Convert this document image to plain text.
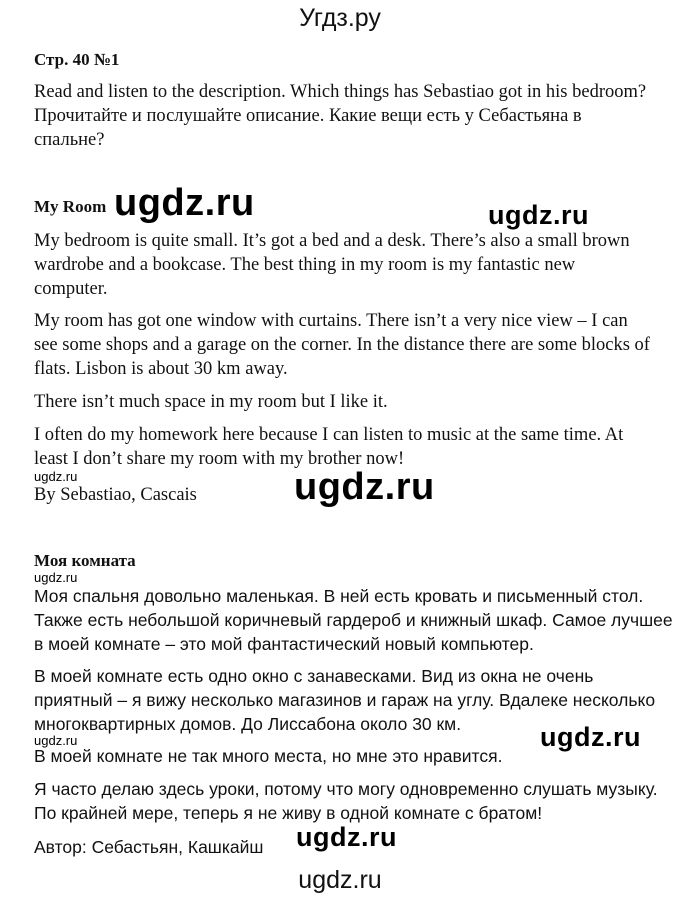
Угдз.ру
Стр. 40 №1
Read and listen to the description. Which things has Sebastiao got in his bedroom?
Прочитайте и послушайте описание. Какие вещи есть у Себастьяна в
спальне?
My Room ugdz.ru	ugdz.ru
My bedroom is quite small. It’s got a bed and a desk. There’s also a small brown
wardrobe and a bookcase. The best thing in my room is my fantastic new
computer.
My room has got one window with curtains. There isn’t a very nice view – I can
see some shops and a garage on the corner. In the distance there are some blocks of
flats. Lisbon is about 30 km away.
There isn’t much space in my room but I like it.
I often do my homework here because I can listen to music at the same time. At
least I don’t share my room with my brother now!
ugdz.ru
By Sebastiao, Cascais	ugdz.ru
Моя комната
ugdz.ru
Моя спальня довольно маленькая. В ней есть кровать и письменный стол.
Также есть небольшой коричневый гардероб и книжный шкаф. Самое лучшее
в моей комнате – это мой фантастический новый компьютер.
В моей комнате есть одно окно с занавесками. Вид из окна не очень
приятный – я вижу несколько магазинов и гараж на углу. Вдалеке несколько
многоквартирных домов. До Лиссабона около 30 км.
ugdz.ru	ugdz.ru
В моей комнате не так много места, но мне это нравится.
Я часто делаю здесь уроки, потому что могу одновременно слушать музыку.
По крайней мере, теперь я не живу в одной комнате с братом!
ugdz.ru
Автор: Себастьян, Кашкайш
ugdz.ru
